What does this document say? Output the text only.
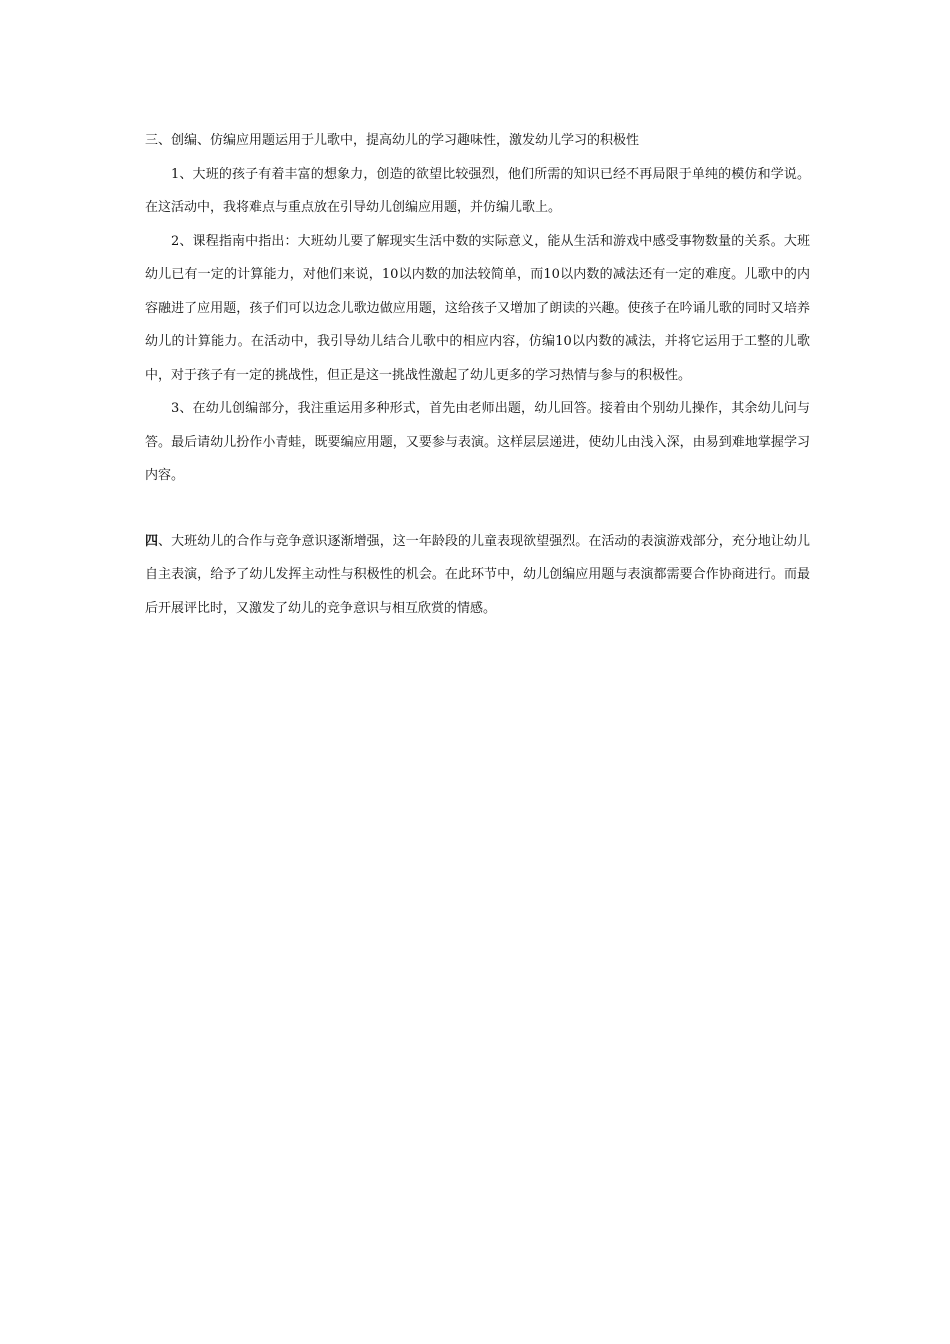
三、创编、仿编应用题运用于儿歌中，提高幼儿的学习趣味性，激发幼儿学习的积极性

1、大班的孩子有着丰富的想象力，创造的欲望比较强烈，他们所需的知识已经不再局限于单纯的模仿和学说。在这活动中，我将难点与重点放在引导幼儿创编应用题，并仿编儿歌上。

2、课程指南中指出：大班幼儿要了解现实生活中数的实际意义，能从生活和游戏中感受事物数量的关系。大班幼儿已有一定的计算能力，对他们来说，10以内数的加法较简单，而10以内数的减法还有一定的难度。儿歌中的内容融进了应用题，孩子们可以边念儿歌边做应用题，这给孩子又增加了朗读的兴趣。使孩子在吟诵儿歌的同时又培养幼儿的计算能力。在活动中，我引导幼儿结合儿歌中的相应内容，仿编10以内数的减法，并将它运用于工整的儿歌中，对于孩子有一定的挑战性，但正是这一挑战性激起了幼儿更多的学习热情与参与的积极性。

3、在幼儿创编部分，我注重运用多种形式，首先由老师出题，幼儿回答。接着由个别幼儿操作，其余幼儿问与答。最后请幼儿扮作小青蛙，既要编应用题，又要参与表演。这样层层递进，使幼儿由浅入深，由易到难地掌握学习内容。

四、大班幼儿的合作与竞争意识逐渐增强，这一年龄段的儿童表现欲望强烈。在活动的表演游戏部分，充分地让幼儿自主表演，给予了幼儿发挥主动性与积极性的机会。在此环节中，幼儿创编应用题与表演都需要合作协商进行。而最后开展评比时，又激发了幼儿的竞争意识与相互欣赏的情感。
